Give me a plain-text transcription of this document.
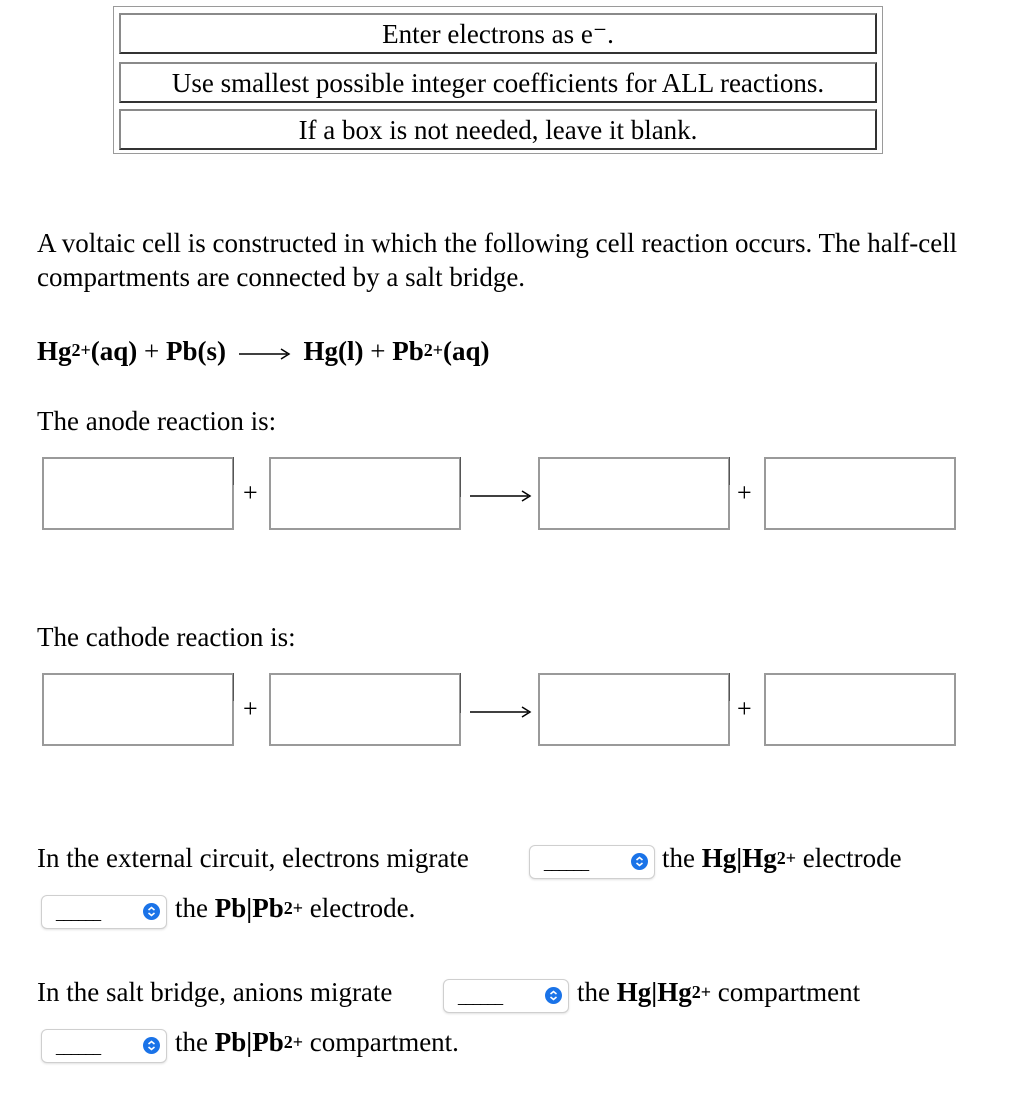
Enter electrons as e⁻.
Use smallest possible integer coefficients for ALL reactions.
If a box is not needed, leave it blank.
A voltaic cell is constructed in which the following cell reaction occurs. The half-cell compartments are connected by a salt bridge.
$Hg^{2+}(aq) + Pb(s) \to Hg(l) + Pb^{2+}(aq)$
The anode reaction is:
+	+
The cathode reaction is:
+	+
In the external circuit, electrons migrate	______	the $Hg|Hg^{2+}$ electrode
______	the $Pb|Pb^{2+}$ electrode.
In the salt bridge, anions migrate	______	the $Hg|Hg^{2+}$ compartment
______	the $Pb|Pb^{2+}$ compartment.
